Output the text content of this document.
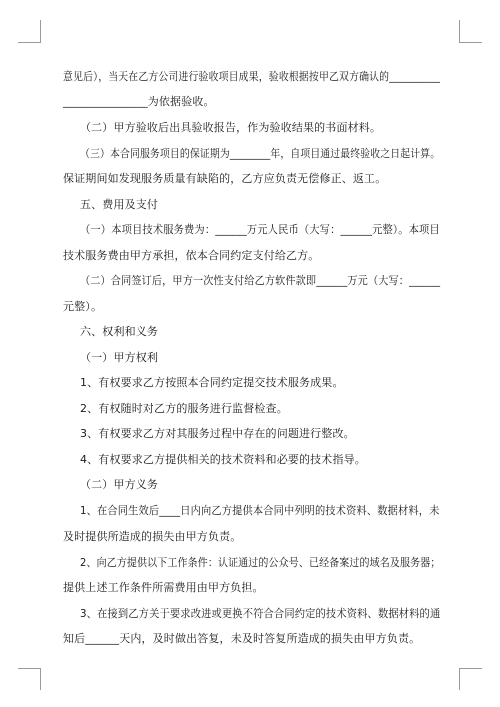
意见后），当天在乙方公司进行验收项目成果，验收根据按甲乙双方确认的__________

_______________为依据验收。

（二）甲方验收后出具验收报告，作为验收结果的书面材料。

（三）本合同服务项目的保证期为________年，自项目通过最终验收之日起计算。

保证期间如发现服务质量有缺陷的，乙方应负责无偿修正、返工。

五、费用及支付

（一）本项目技术服务费为：______万元人民币（大写：______元整）。本项目

技术服务费由甲方承担，依本合同约定支付给乙方。

（二）合同签订后，甲方一次性支付给乙方软件款即______万元（大写：______

元整）。

六、权利和义务

（一）甲方权利

1、有权要求乙方按照本合同约定提交技术服务成果。

2、有权随时对乙方的服务进行监督检查。

3、有权要求乙方对其服务过程中存在的问题进行整改。

4、有权要求乙方提供相关的技术资料和必要的技术指导。

（二）甲方义务

1、在合同生效后____日内向乙方提供本合同中列明的技术资料、数据材料，未

及时提供所造成的损失由甲方负责。

2、向乙方提供以下工作条件：认证通过的公众号、已经备案过的域名及服务器；

提供上述工作条件所需费用由甲方负担。

3、在接到乙方关于要求改进或更换不符合合同约定的技术资料、数据材料的通

知后______天内，及时做出答复，未及时答复所造成的损失由甲方负责。
